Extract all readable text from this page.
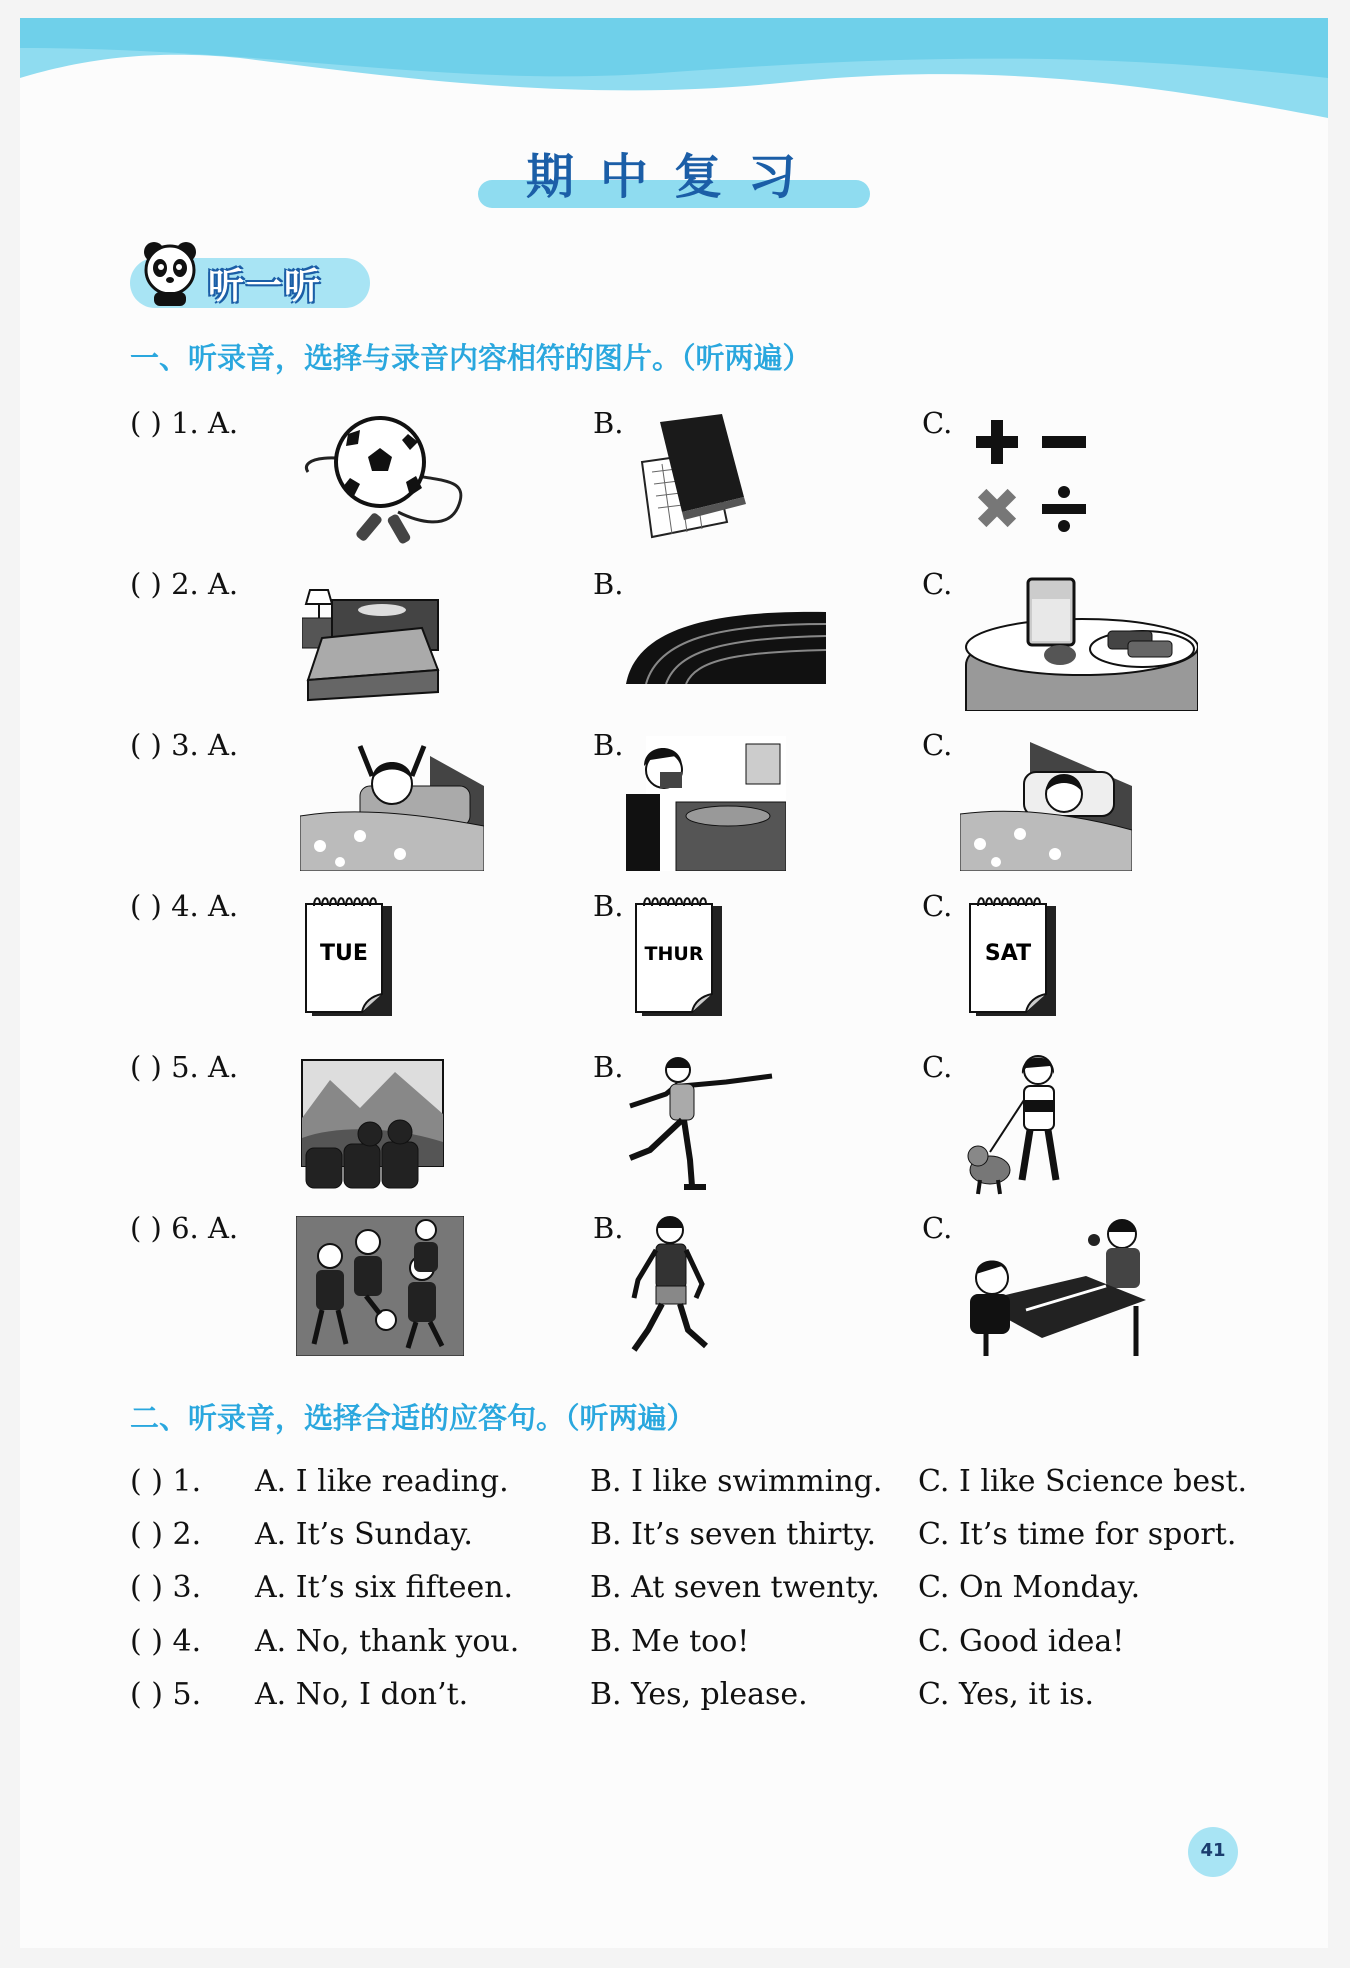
期中复习
听一听
一、听录音，选择与录音内容相符的图片。（听两遍）
( ) 1. A.	B.	C.
( ) 2. A.	B.	C.
( ) 3. A.	B.	C.
( ) 4. A.	B.	C.
( ) 5. A.	B.	C.
( ) 6. A.	B.	C.
TUE	THUR	SAT
二、听录音，选择合适的应答句。（听两遍）
( ) 1. A. I like reading.	B. I like swimming. C. I like Science best.
( ) 2. A. It’s Sunday.	B. It’s seven thirty. C. It’s time for sport.
( ) 3. A. It’s six fifteen.	B. At seven twenty. C. On Monday.
( ) 4. A. No, thank you. B. Me too!	C. Good idea!
( ) 5. A. No, I don’t.	B. Yes, please.	C. Yes, it is.
41
